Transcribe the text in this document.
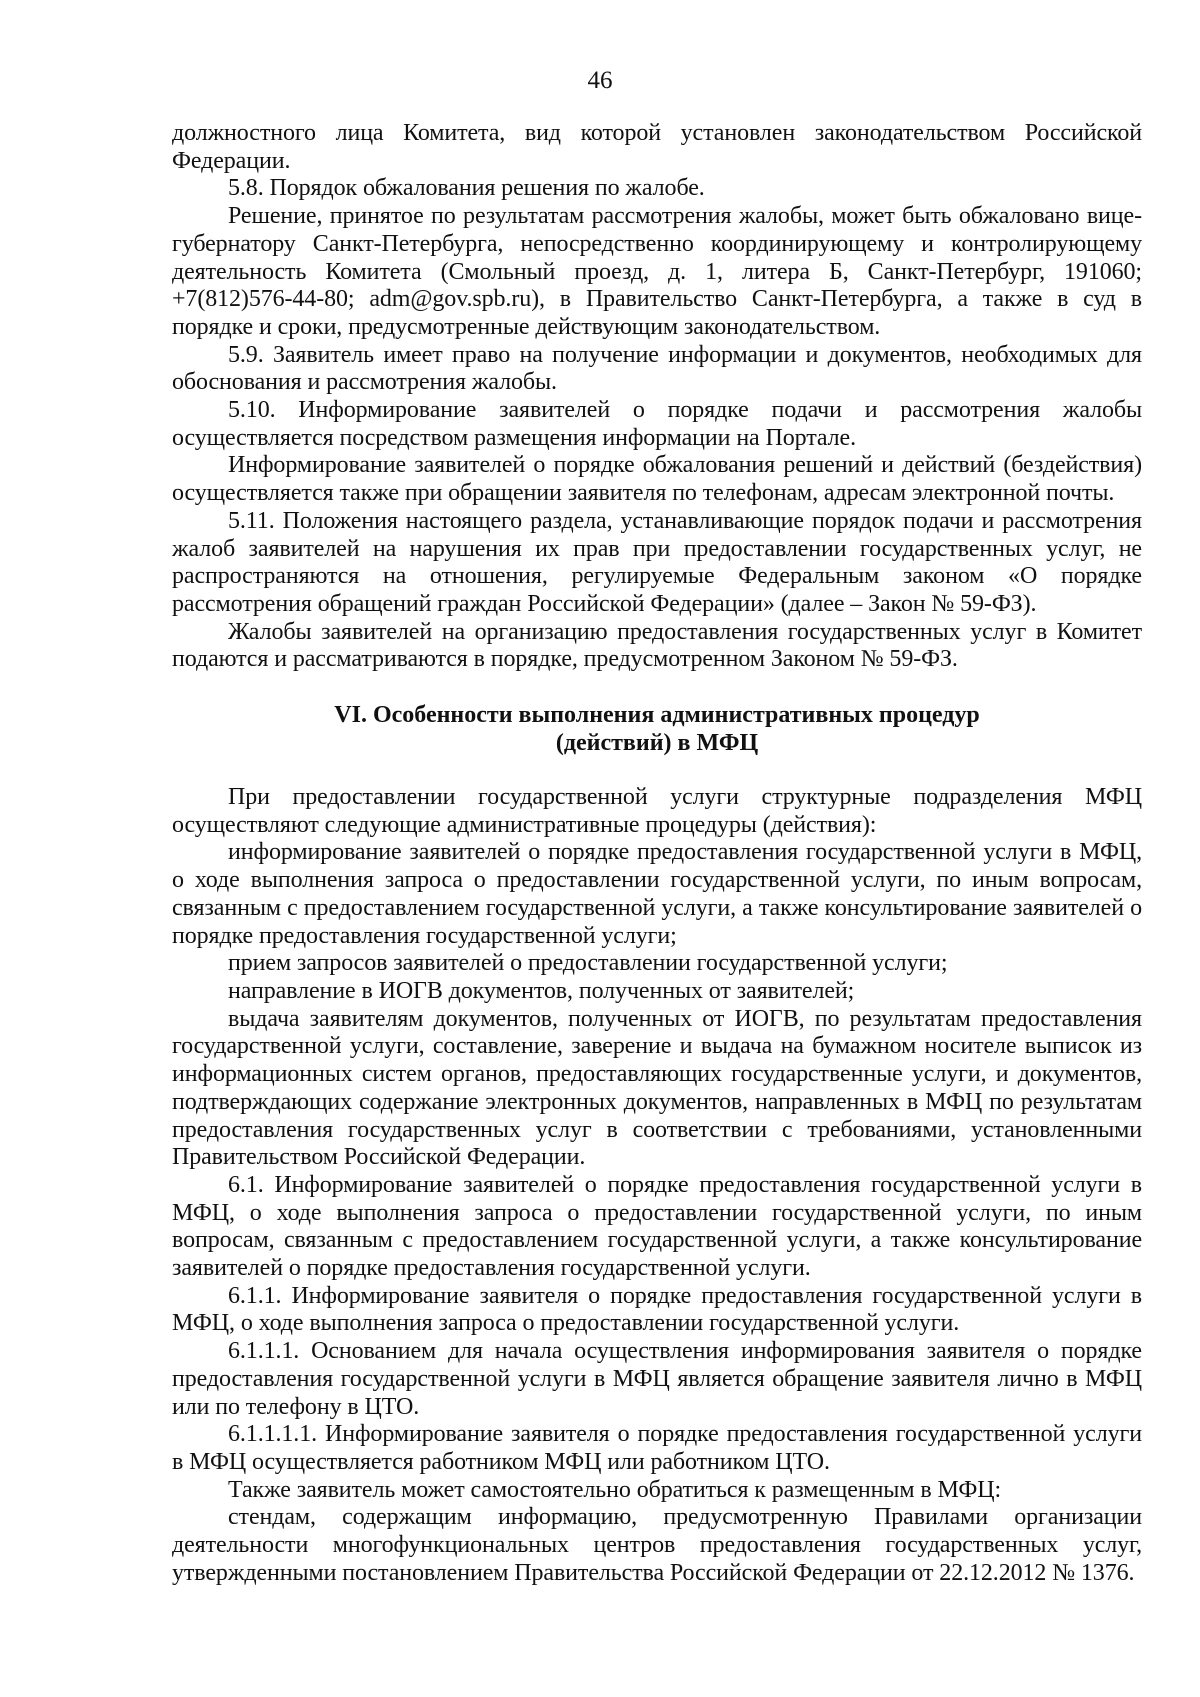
46

должностного лица Комитета, вид которой установлен законодательством Российской Федерации.

5.8. Порядок обжалования решения по жалобе.

Решение, принятое по результатам рассмотрения жалобы, может быть обжаловано вице-губернатору Санкт-Петербурга, непосредственно координирующему и контролирующему деятельность Комитета (Смольный проезд, д. 1, литера Б, Санкт-Петербург, 191060; +7(812)576-44-80; adm@gov.spb.ru), в Правительство Санкт-Петербурга, а также в суд в порядке и сроки, предусмотренные действующим законодательством.

5.9. Заявитель имеет право на получение информации и документов, необходимых для обоснования и рассмотрения жалобы.

5.10. Информирование заявителей о порядке подачи и рассмотрения жалобы осуществляется посредством размещения информации на Портале.

Информирование заявителей о порядке обжалования решений и действий (бездействия) осуществляется также при обращении заявителя по телефонам, адресам электронной почты.

5.11. Положения настоящего раздела, устанавливающие порядок подачи и рассмотрения жалоб заявителей на нарушения их прав при предоставлении государственных услуг, не распространяются на отношения, регулируемые Федеральным законом «О порядке рассмотрения обращений граждан Российской Федерации» (далее – Закон № 59-ФЗ).

Жалобы заявителей на организацию предоставления государственных услуг в Комитет подаются и рассматриваются в порядке, предусмотренном Законом № 59-ФЗ.

VI. Особенности выполнения административных процедур
(действий) в МФЦ

При предоставлении государственной услуги структурные подразделения МФЦ осуществляют следующие административные процедуры (действия):

информирование заявителей о порядке предоставления государственной услуги в МФЦ, о ходе выполнения запроса о предоставлении государственной услуги, по иным вопросам, связанным с предоставлением государственной услуги, а также консультирование заявителей о порядке предоставления государственной услуги;

прием запросов заявителей о предоставлении государственной услуги;

направление в ИОГВ документов, полученных от заявителей;

выдача заявителям документов, полученных от ИОГВ, по результатам предоставления государственной услуги, составление, заверение и выдача на бумажном носителе выписок из информационных систем органов, предоставляющих государственные услуги, и документов, подтверждающих содержание электронных документов, направленных в МФЦ по результатам предоставления государственных услуг в соответствии с требованиями, установленными Правительством Российской Федерации.

6.1. Информирование заявителей о порядке предоставления государственной услуги в МФЦ, о ходе выполнения запроса о предоставлении государственной услуги, по иным вопросам, связанным с предоставлением государственной услуги, а также консультирование заявителей о порядке предоставления государственной услуги.

6.1.1. Информирование заявителя о порядке предоставления государственной услуги в МФЦ, о ходе выполнения запроса о предоставлении государственной услуги.

6.1.1.1. Основанием для начала осуществления информирования заявителя о порядке предоставления государственной услуги в МФЦ является обращение заявителя лично в МФЦ или по телефону в ЦТО.

6.1.1.1.1. Информирование заявителя о порядке предоставления государственной услуги в МФЦ осуществляется работником МФЦ или работником ЦТО.

Также заявитель может самостоятельно обратиться к размещенным в МФЦ:

стендам, содержащим информацию, предусмотренную Правилами организации деятельности многофункциональных центров предоставления государственных услуг, утвержденными постановлением Правительства Российской Федерации от 22.12.2012 № 1376.
